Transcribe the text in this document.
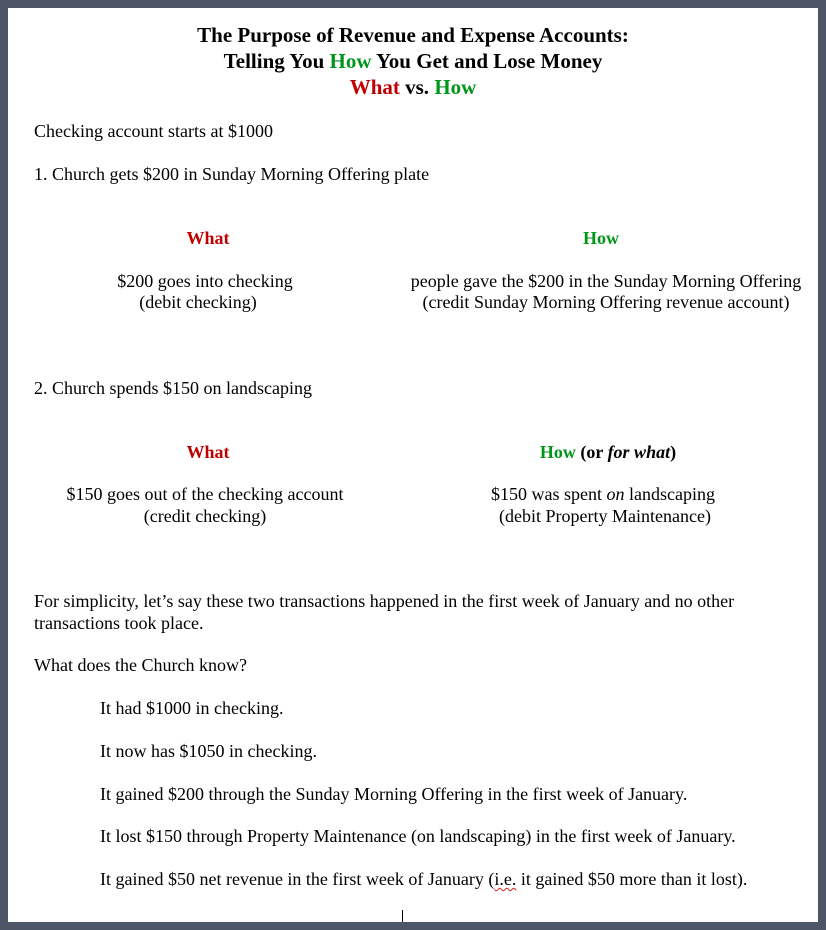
The Purpose of Revenue and Expense Accounts:
Telling You How You Get and Lose Money
What vs. How
Checking account starts at $1000
1. Church gets $200 in Sunday Morning Offering plate
What	How
$200 goes into checking
(debit checking)
people gave the $200 in the Sunday Morning Offering
(credit Sunday Morning Offering revenue account)
2. Church spends $150 on landscaping
What	How (or for what)
$150 goes out of the checking account
(credit checking)
$150 was spent on landscaping
(debit Property Maintenance)
For simplicity, let’s say these two transactions happened in the first week of January and no other
transactions took place.
What does the Church know?
It had $1000 in checking.
It now has $1050 in checking.
It gained $200 through the Sunday Morning Offering in the first week of January.
It lost $150 through Property Maintenance (on landscaping) in the first week of January.
It gained $50 net revenue in the first week of January (i.e. it gained $50 more than it lost).
